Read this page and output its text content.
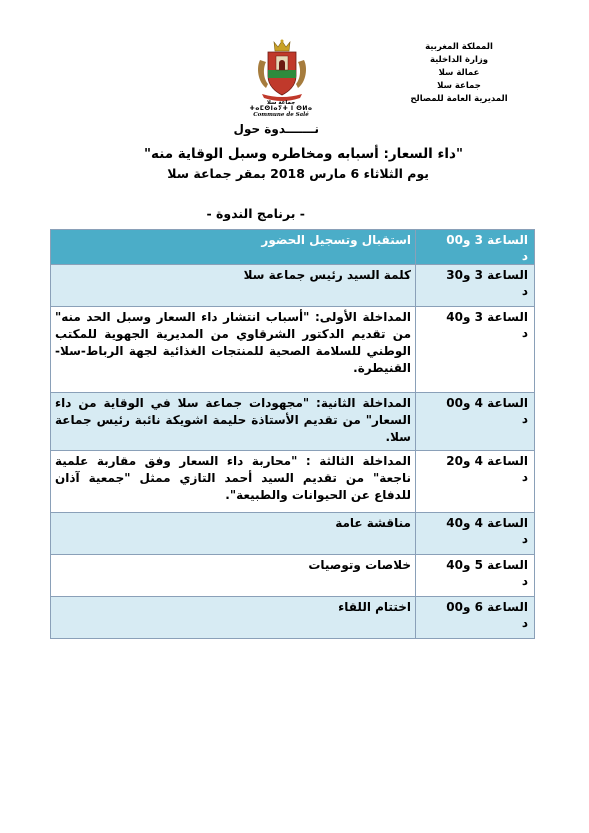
المملكة المغربية
وزارة الداخلية
عمالة سلا
جماعة سلا
المديرية العامة للمصالح
جماعة سلا
ⵜⴰⵎⵙⵏⴰⵢⵜ ⵏ ⵙⵍⴰ
Commune de Salé
نـــــــدوة حول
"داء السعار: أسبابه ومخاطره وسبل الوقاية منه"
يوم الثلاثاء 6 مارس 2018 بمقر جماعة سلا
- برنامج الندوة -
الساعة 3 و00
د	استقبال وتسجيل الحضور

الساعة 3 و30
د	كلمة السيد رئيس جماعة سلا

الساعة 3 و40
د	المداخلة الأولى: "أسباب انتشار داء السعار وسبل الحد منه" من تقديم الدكتور الشرقاوي من المديرية الجهوية للمكتب الوطني للسلامة الصحية للمنتجات الغذائية لجهة الرباط-سلا-القنيطرة.

الساعة 4 و00
د	المداخلة الثانية: "مجهودات جماعة سلا في الوقاية من داء السعار" من تقديم الأستاذة حليمة اشويكة نائبة رئيس جماعة سلا.

الساعة 4 و20
د	المداخلة الثالثة : "محاربة داء السعار وفق مقاربة علمية ناجعة" من تقديم السيد أحمد التازي ممثل "جمعية آذان للدفاع عن الحيوانات والطبيعة".

الساعة 4 و40
د	مناقشة عامة

الساعة 5 و40
د	خلاصات وتوصيات

الساعة 6 و00
د	اختتام اللقاء
